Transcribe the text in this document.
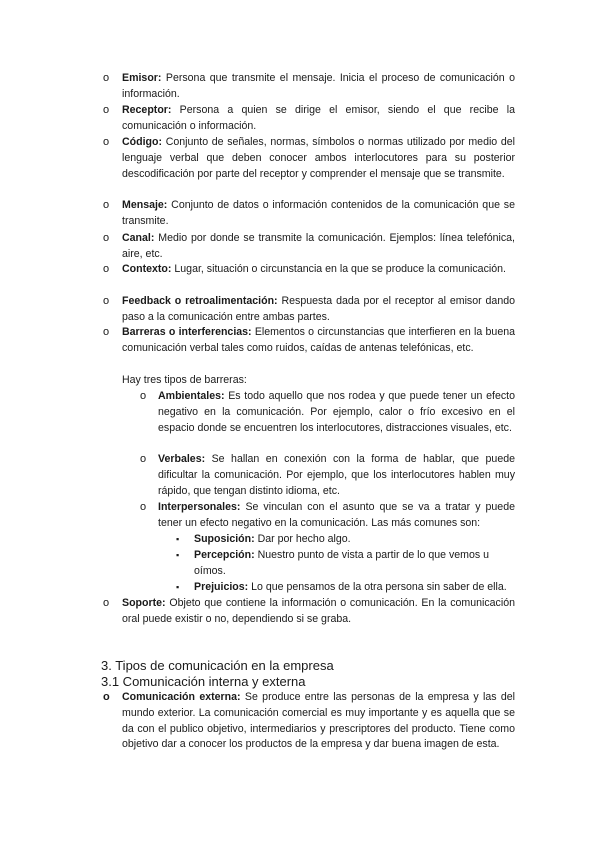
o Emisor: Persona que transmite el mensaje. Inicia el proceso de comunicación o información.
o Receptor: Persona a quien se dirige el emisor, siendo el que recibe la comunicación o información.
o Código: Conjunto de señales, normas, símbolos o normas utilizado por medio del lenguaje verbal que deben conocer ambos interlocutores para su posterior descodificación por parte del receptor y comprender el mensaje que se transmite.
o Mensaje: Conjunto de datos o información contenidos de la comunicación que se transmite.
o Canal: Medio por donde se transmite la comunicación. Ejemplos: línea telefónica, aire, etc.
o Contexto: Lugar, situación o circunstancia en la que se produce la comunicación.
o Feedback o retroalimentación: Respuesta dada por el receptor al emisor dando paso a la comunicación entre ambas partes.
o Barreras o interferencias: Elementos o circunstancias que interfieren en la buena comunicación verbal tales como ruidos, caídas de antenas telefónicas, etc.
Hay tres tipos de barreras:
o Ambientales: Es todo aquello que nos rodea y que puede tener un efecto negativo en la comunicación. Por ejemplo, calor o frío excesivo en el espacio donde se encuentren los interlocutores, distracciones visuales, etc.
o Verbales: Se hallan en conexión con la forma de hablar, que puede dificultar la comunicación. Por ejemplo, que los interlocutores hablen muy rápido, que tengan distinto idioma, etc.
o Interpersonales: Se vinculan con el asunto que se va a tratar y puede tener un efecto negativo en la comunicación. Las más comunes son:
▪ Suposición: Dar por hecho algo.
▪ Percepción: Nuestro punto de vista a partir de lo que vemos u oímos.
▪ Prejuicios: Lo que pensamos de la otra persona sin saber de ella.
o Soporte: Objeto que contiene la información o comunicación. En la comunicación oral puede existir o no, dependiendo si se graba.
3. Tipos de comunicación en la empresa
3.1 Comunicación interna y externa
o Comunicación externa: Se produce entre las personas de la empresa y las del mundo exterior. La comunicación comercial es muy importante y es aquella que se da con el publico objetivo, intermediarios y prescriptores del producto. Tiene como objetivo dar a conocer los productos de la empresa y dar buena imagen de esta.
